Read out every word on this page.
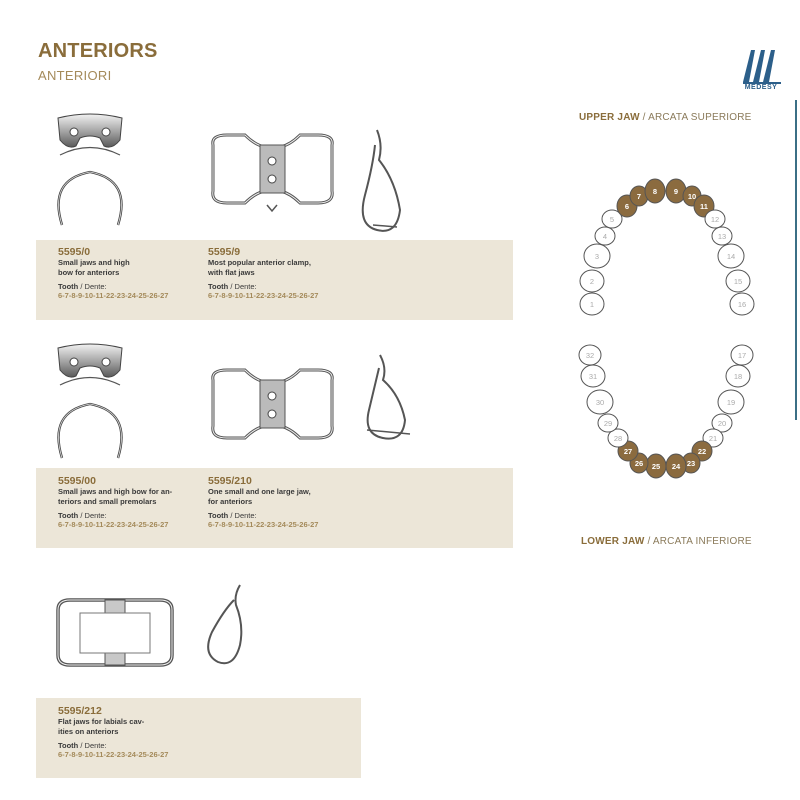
ANTERIORS
ANTERIORI
MEDESY
5595/0
Small jaws and high
bow for anteriors
Tooth / Dente:
6-7-8-9-10-11-22-23-24-25-26-27
5595/9
Most popular anterior clamp,
with flat jaws
Tooth / Dente:
6-7-8-9-10-11-22-23-24-25-26-27
5595/00
Small jaws and high bow for an-
teriors and small premolars
Tooth / Dente:
6-7-8-9-10-11-22-23-24-25-26-27
5595/210
One small and one large jaw,
for anteriors
Tooth / Dente:
6-7-8-9-10-11-22-23-24-25-26-27
5595/212
Flat jaws for labials cav-
ities on anteriors
Tooth / Dente:
6-7-8-9-10-11-22-23-24-25-26-27
UPPER JAW / ARCATA SUPERIORE
LOWER JAW / ARCATA INFERIORE
1
2
3
4
5
6
7
8 9
10
11
12
13
14
15
16
17
18
19
20
21
22
23
24
25
26
27
28
29
30
31
32
